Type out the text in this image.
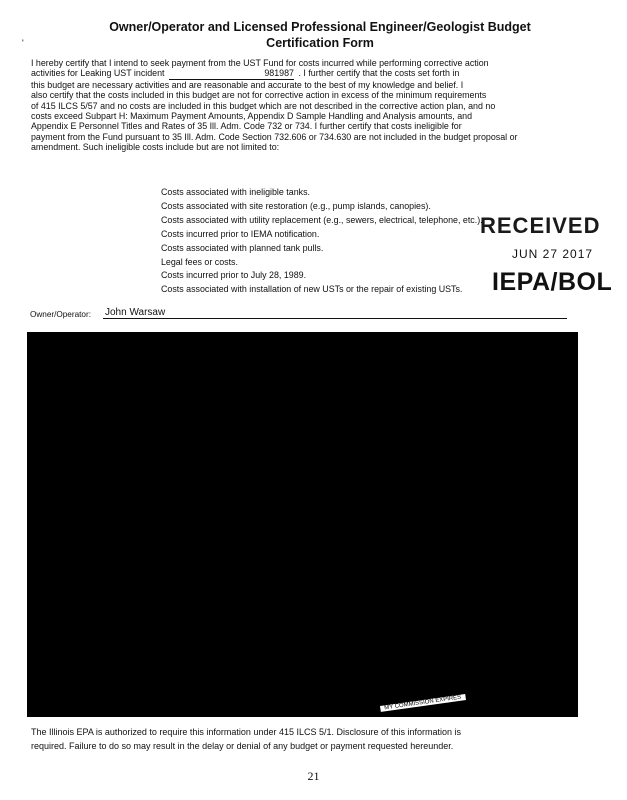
'
Owner/Operator and Licensed Professional Engineer/Geologist Budget
Certification Form
I hereby certify that I intend to seek payment from the UST Fund for costs incurred while performing corrective action
activities for Leaking UST incident	981987 . I further certify that the costs set forth in
this budget are necessary activities and are reasonable and accurate to the best of my knowledge and belief. I
also certify that the costs included in this budget are not for corrective action in excess of the minimum requirements
of 415 ILCS 5/57 and no costs are included in this budget which are not described in the corrective action plan, and no
costs exceed Subpart H: Maximum Payment Amounts, Appendix D Sample Handling and Analysis amounts, and
Appendix E Personnel Titles and Rates of 35 Ill. Adm. Code 732 or 734. I further certify that costs ineligible for
payment from the Fund pursuant to 35 Ill. Adm. Code Section 732.606 or 734.630 are not included in the budget proposal or
amendment. Such ineligible costs include but are not limited to:
Costs associated with ineligible tanks.
Costs associated with site restoration (e.g., pump islands, canopies).
Costs associated with utility replacement (e.g., sewers, electrical, telephone, etc.).
Costs incurred prior to IEMA notification.
Costs associated with planned tank pulls.
Legal fees or costs.
Costs incurred prior to July 28, 1989.
Costs associated with installation of new USTs or the repair of existing USTs.
RECEIVED
JUN 27 2017
IEPA/BOL
Owner/Operator: John Warsaw
MY COMMISSION EXPIRES
The Illinois EPA is authorized to require this information under 415 ILCS 5/1. Disclosure of this information is
required. Failure to do so may result in the delay or denial of any budget or payment requested hereunder.
21
